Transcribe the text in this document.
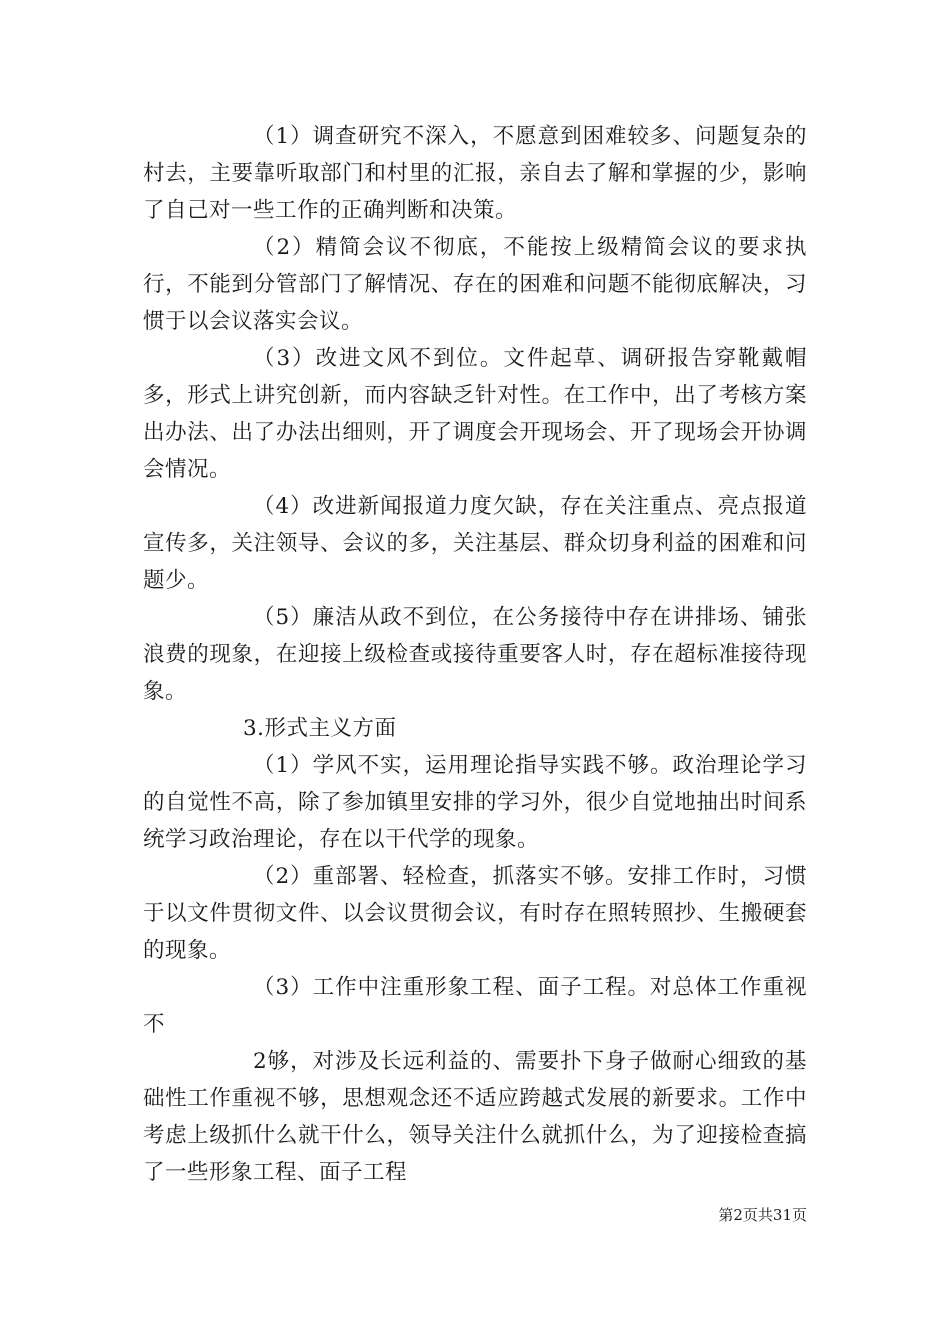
（1）调查研究不深入，不愿意到困难较多、问题复杂的村去，主要靠听取部门和村里的汇报，亲自去了解和掌握的少，影响了自己对一些工作的正确判断和决策。

（2）精简会议不彻底，不能按上级精简会议的要求执行，不能到分管部门了解情况、存在的困难和问题不能彻底解决，习惯于以会议落实会议。

（3）改进文风不到位。文件起草、调研报告穿靴戴帽多，形式上讲究创新，而内容缺乏针对性。在工作中，出了考核方案出办法、出了办法出细则，开了调度会开现场会、开了现场会开协调会情况。

（4）改进新闻报道力度欠缺，存在关注重点、亮点报道宣传多，关注领导、会议的多，关注基层、群众切身利益的困难和问题少。

（5）廉洁从政不到位，在公务接待中存在讲排场、铺张浪费的现象，在迎接上级检查或接待重要客人时，存在超标准接待现象。

3.形式主义方面

（1）学风不实，运用理论指导实践不够。政治理论学习的自觉性不高，除了参加镇里安排的学习外，很少自觉地抽出时间系统学习政治理论，存在以干代学的现象。

（2）重部署、轻检查，抓落实不够。安排工作时，习惯于以文件贯彻文件、以会议贯彻会议，有时存在照转照抄、生搬硬套的现象。

（3）工作中注重形象工程、面子工程。对总体工作重视不

2够，对涉及长远利益的、需要扑下身子做耐心细致的基础性工作重视不够，思想观念还不适应跨越式发展的新要求。工作中考虑上级抓什么就干什么，领导关注什么就抓什么，为了迎接检查搞了一些形象工程、面子工程

第2页共31页
